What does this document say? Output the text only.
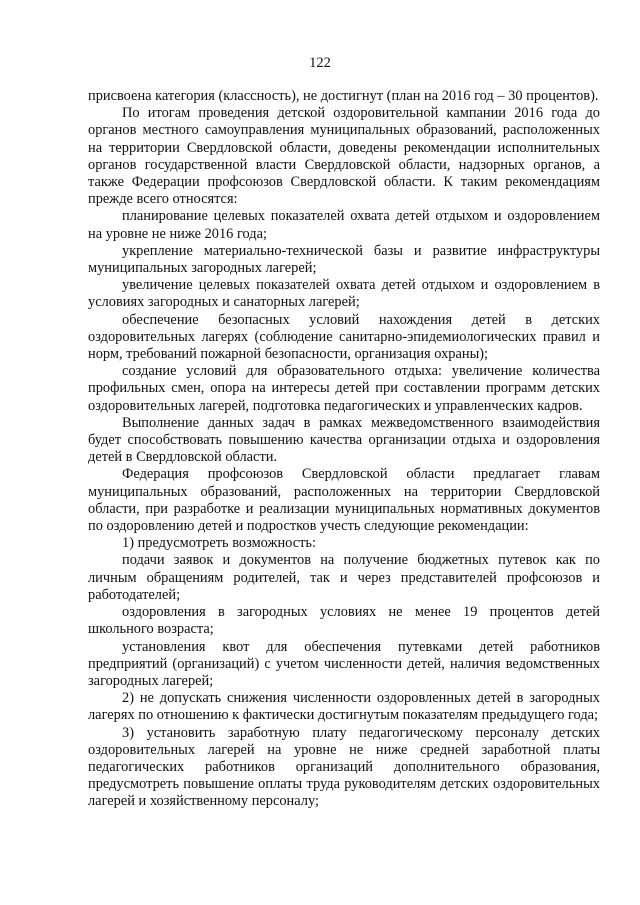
122

присвоена категория (классность), не достигнут (план на 2016 год – 30 процентов).

По итогам проведения детской оздоровительной кампании 2016 года до органов местного самоуправления муниципальных образований, расположенных на территории Свердловской области, доведены рекомендации исполнительных органов государственной власти Свердловской области, надзорных органов, а также Федерации профсоюзов Свердловской области. К таким рекомендациям прежде всего относятся:

планирование целевых показателей охвата детей отдыхом и оздоровлением на уровне не ниже 2016 года;

укрепление материально-технической базы и развитие инфраструктуры муниципальных загородных лагерей;

увеличение целевых показателей охвата детей отдыхом и оздоровлением в условиях загородных и санаторных лагерей;

обеспечение безопасных условий нахождения детей в детских оздоровительных лагерях (соблюдение санитарно-эпидемиологических правил и норм, требований пожарной безопасности, организация охраны);

создание условий для образовательного отдыха: увеличение количества профильных смен, опора на интересы детей при составлении программ детских оздоровительных лагерей, подготовка педагогических и управленческих кадров.

Выполнение данных задач в рамках межведомственного взаимодействия будет способствовать повышению качества организации отдыха и оздоровления детей в Свердловской области.

Федерация профсоюзов Свердловской области предлагает главам муниципальных образований, расположенных на территории Свердловской области, при разработке и реализации муниципальных нормативных документов по оздоровлению детей и подростков учесть следующие рекомендации:

1) предусмотреть возможность:

подачи заявок и документов на получение бюджетных путевок как по личным обращениям родителей, так и через представителей профсоюзов и работодателей;

оздоровления в загородных условиях не менее 19 процентов детей школьного возраста;

установления квот для обеспечения путевками детей работников предприятий (организаций) с учетом численности детей, наличия ведомственных загородных лагерей;

2) не допускать снижения численности оздоровленных детей в загородных лагерях по отношению к фактически достигнутым показателям предыдущего года;

3) установить заработную плату педагогическому персоналу детских оздоровительных лагерей на уровне не ниже средней заработной платы педагогических работников организаций дополнительного образования, предусмотреть повышение оплаты труда руководителям детских оздоровительных лагерей и хозяйственному персоналу;
